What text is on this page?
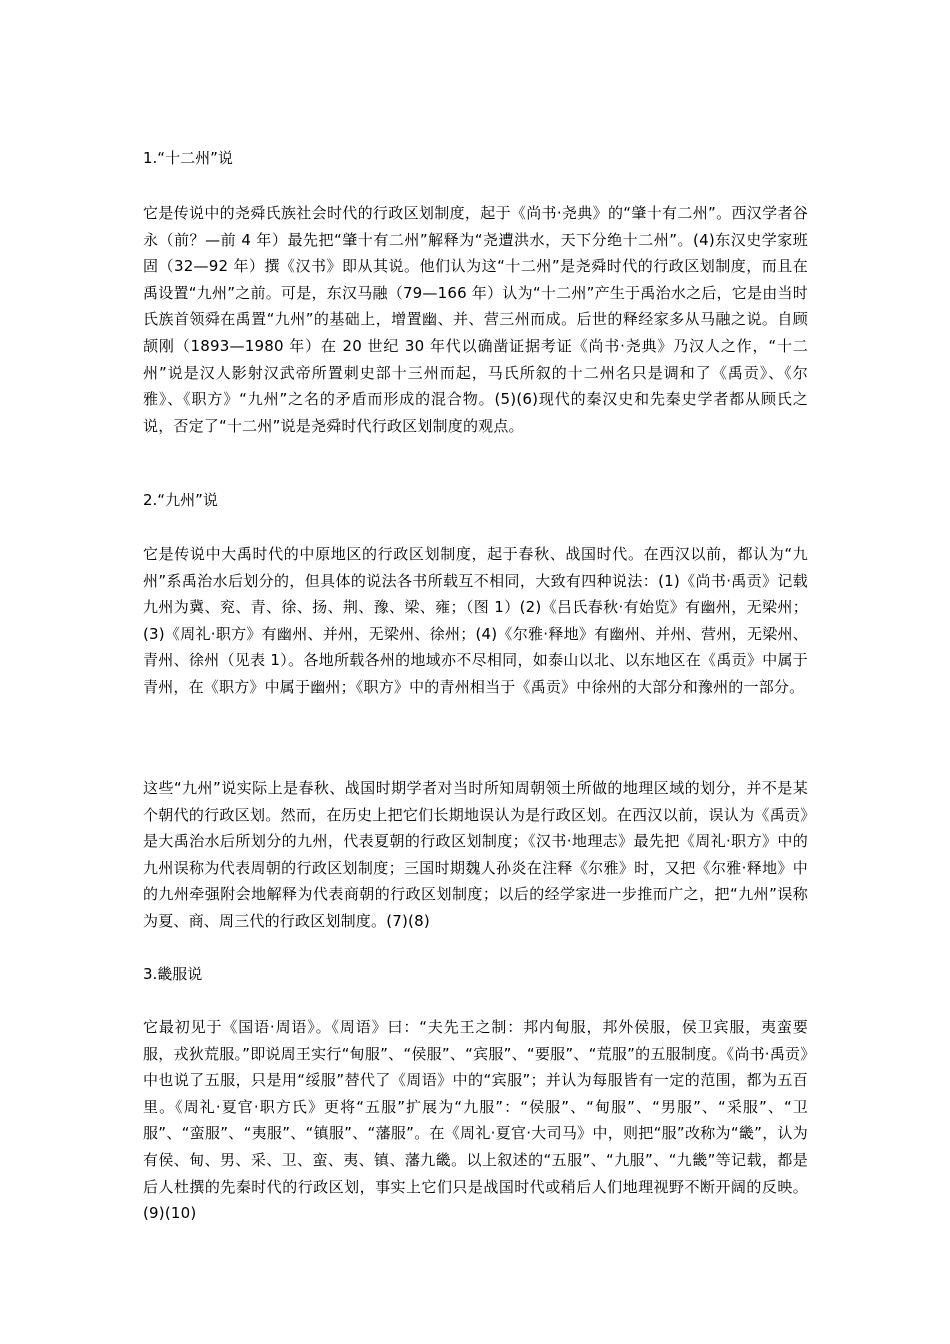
1.“十二州”说

它是传说中的尧舜氏族社会时代的行政区划制度，起于《尚书·尧典》的“肇十有二州”。西汉学者谷永（前？—前 4 年）最先把“肇十有二州”解释为“尧遭洪水，天下分绝十二州”。(4)东汉史学家班固（32—92 年）撰《汉书》即从其说。他们认为这“十二州”是尧舜时代的行政区划制度，而且在禹设置“九州”之前。可是，东汉马融（79—166 年）认为“十二州”产生于禹治水之后，它是由当时氏族首领舜在禹置“九州”的基础上，增置幽、并、营三州而成。后世的释经家多从马融之说。自顾颉刚（1893—1980 年）在 20 世纪 30 年代以确凿证据考证《尚书·尧典》乃汉人之作，“十二州”说是汉人影射汉武帝所置刺史部十三州而起，马氏所叙的十二州名只是调和了《禹贡》、《尔雅》、《职方》“九州”之名的矛盾而形成的混合物。(5)(6)现代的秦汉史和先秦史学者都从顾氏之说，否定了“十二州”说是尧舜时代行政区划制度的观点。

2.“九州”说

它是传说中大禹时代的中原地区的行政区划制度，起于春秋、战国时代。在西汉以前，都认为“九州”系禹治水后划分的，但具体的说法各书所载互不相同，大致有四种说法：(1)《尚书·禹贡》记载九州为冀、兖、青、徐、扬、荆、豫、梁、雍；（图 1）(2)《吕氏春秋·有始览》有幽州，无梁州；(3)《周礼·职方》有幽州、并州，无梁州、徐州；(4)《尔雅·释地》有幽州、并州、营州，无梁州、青州、徐州（见表 1）。各地所载各州的地域亦不尽相同，如泰山以北、以东地区在《禹贡》中属于青州，在《职方》中属于幽州；《职方》中的青州相当于《禹贡》中徐州的大部分和豫州的一部分。

这些“九州”说实际上是春秋、战国时期学者对当时所知周朝领土所做的地理区域的划分，并不是某个朝代的行政区划。然而，在历史上把它们长期地误认为是行政区划。在西汉以前，误认为《禹贡》是大禹治水后所划分的九州，代表夏朝的行政区划制度；《汉书·地理志》最先把《周礼·职方》中的九州误称为代表周朝的行政区划制度；三国时期魏人孙炎在注释《尔雅》时，又把《尔雅·释地》中的九州牵强附会地解释为代表商朝的行政区划制度；以后的经学家进一步推而广之，把“九州”误称为夏、商、周三代的行政区划制度。(7)(8)

3.畿服说

它最初见于《国语·周语》。《周语》曰：“夫先王之制：邦内甸服，邦外侯服，侯卫宾服，夷蛮要服，戎狄荒服。”即说周王实行“甸服”、“侯服”、“宾服”、“要服”、“荒服”的五服制度。《尚书·禹贡》中也说了五服，只是用“绥服”替代了《周语》中的“宾服”；并认为每服皆有一定的范围，都为五百里。《周礼·夏官·职方氏》更将“五服”扩展为“九服”：“侯服”、“甸服”、“男服”、“采服”、“卫服”、“蛮服”、“夷服”、“镇服”、“藩服”。在《周礼·夏官·大司马》中，则把“服”改称为“畿”，认为有侯、甸、男、采、卫、蛮、夷、镇、藩九畿。以上叙述的“五服”、“九服”、“九畿”等记载，都是后人杜撰的先秦时代的行政区划，事实上它们只是战国时代或稍后人们地理视野不断开阔的反映。(9)(10)
